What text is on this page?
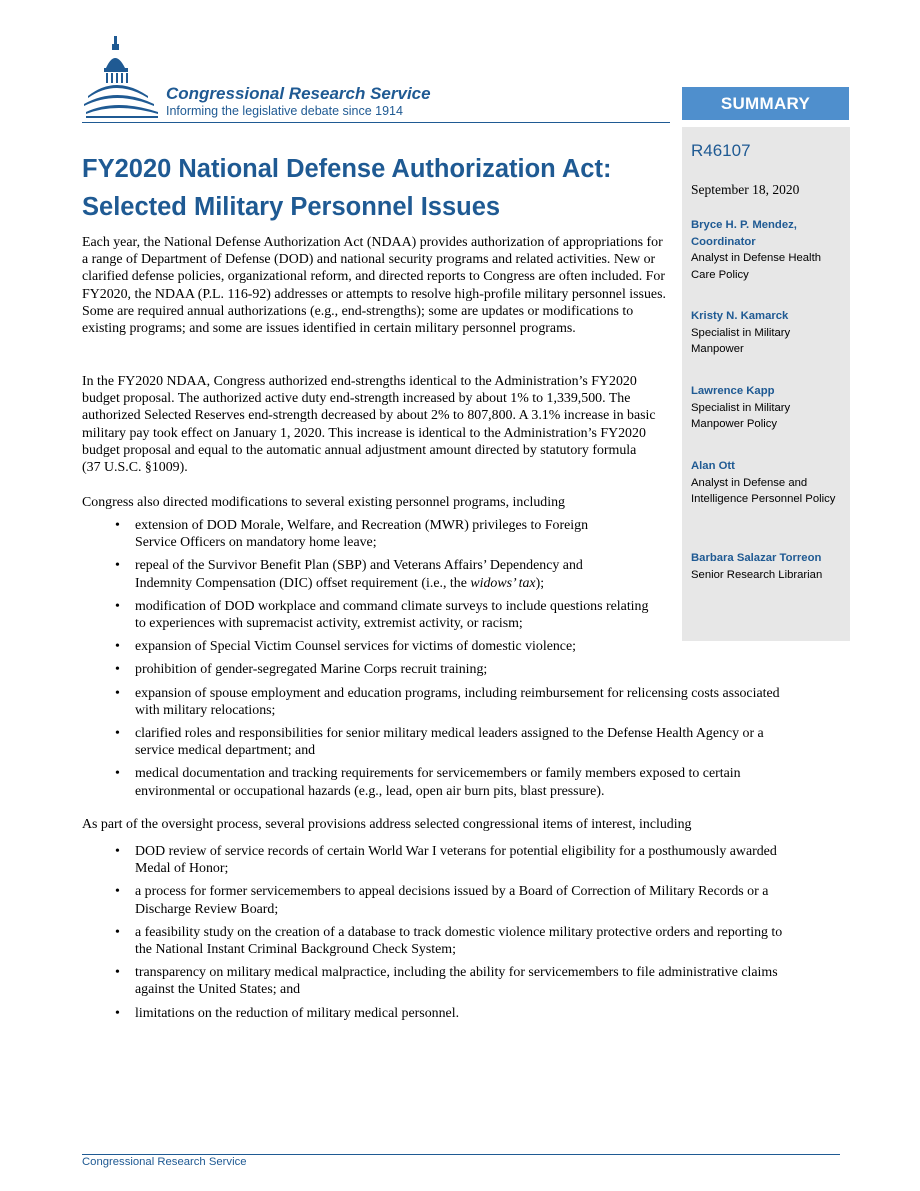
Congressional Research Service
Informing the legislative debate since 1914	SUMMARY
R46107
September 18, 2020
Bryce H. P. Mendez, Coordinator
Analyst in Defense Health Care Policy
Kristy N. Kamarck
Specialist in Military Manpower
Lawrence Kapp
Specialist in Military Manpower Policy
Alan Ott
Analyst in Defense and Intelligence Personnel Policy
Barbara Salazar Torreon
Senior Research Librarian
FY2020 National Defense Authorization Act: Selected Military Personnel Issues
Each year, the National Defense Authorization Act (NDAA) provides authorization of appropriations for a range of Department of Defense (DOD) and national security programs and related activities. New or clarified defense policies, organizational reform, and directed reports to Congress are often included. For FY2020, the NDAA (P.L. 116-92) addresses or attempts to resolve high-profile military personnel issues. Some are required annual authorizations (e.g., end-strengths); some are updates or modifications to existing programs; and some are issues identified in certain military personnel programs.
In the FY2020 NDAA, Congress authorized end-strengths identical to the Administration’s FY2020 budget proposal. The authorized active duty end-strength increased by about 1% to 1,339,500. The authorized Selected Reserves end-strength decreased by about 2% to 807,800. A 3.1% increase in basic military pay took effect on January 1, 2020. This increase is identical to the Administration’s FY2020 budget proposal and equal to the automatic annual adjustment amount directed by statutory formula (37 U.S.C. §1009).
Congress also directed modifications to several existing personnel programs, including
• extension of DOD Morale, Welfare, and Recreation (MWR) privileges to Foreign Service Officers on mandatory home leave;
• repeal of the Survivor Benefit Plan (SBP) and Veterans Affairs’ Dependency and Indemnity Compensation (DIC) offset requirement (i.e., the widows’ tax);
• modification of DOD workplace and command climate surveys to include questions relating to experiences with supremacist activity, extremist activity, or racism;
• expansion of Special Victim Counsel services for victims of domestic violence;
• prohibition of gender-segregated Marine Corps recruit training;
• expansion of spouse employment and education programs, including reimbursement for relicensing costs associated with military relocations;
• clarified roles and responsibilities for senior military medical leaders assigned to the Defense Health Agency or a service medical department; and
• medical documentation and tracking requirements for servicemembers or family members exposed to certain environmental or occupational hazards (e.g., lead, open air burn pits, blast pressure).
As part of the oversight process, several provisions address selected congressional items of interest, including
• DOD review of service records of certain World War I veterans for potential eligibility for a posthumously awarded Medal of Honor;
• a process for former servicemembers to appeal decisions issued by a Board of Correction of Military Records or a Discharge Review Board;
• a feasibility study on the creation of a database to track domestic violence military protective orders and reporting to the National Instant Criminal Background Check System;
• transparency on military medical malpractice, including the ability for servicemembers to file administrative claims against the United States; and
• limitations on the reduction of military medical personnel.
Congressional Research Service
